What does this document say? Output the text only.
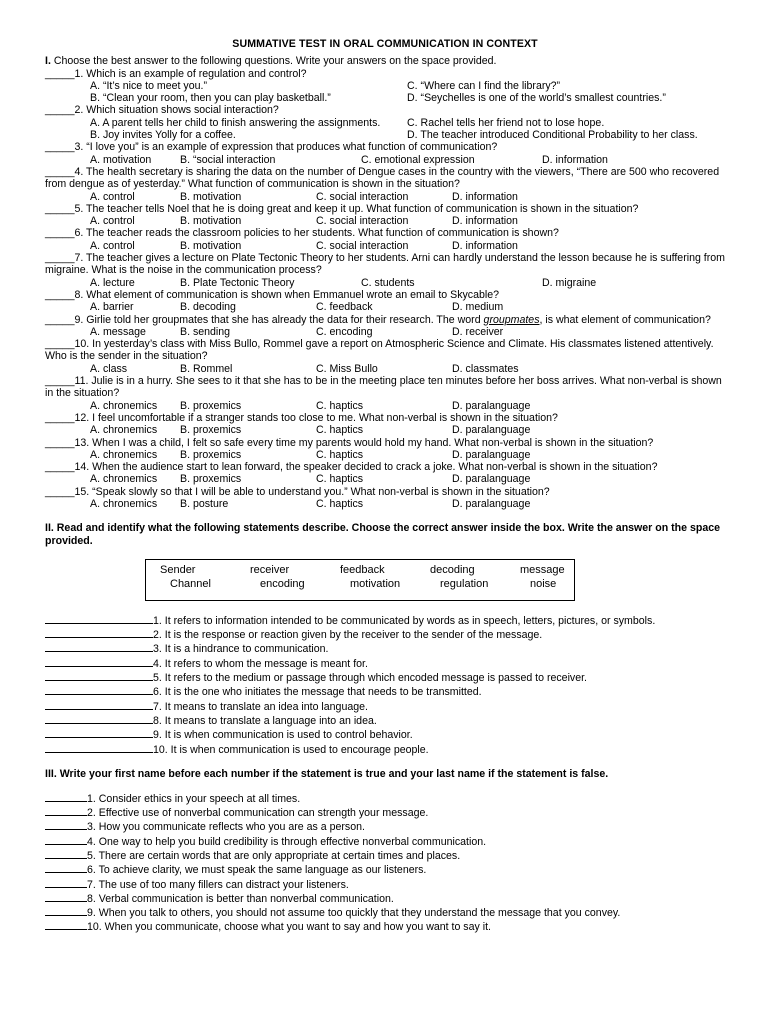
SUMMATIVE TEST IN ORAL COMMUNICATION IN CONTEXT

I. Choose the best answer to the following questions. Write your answers on the space provided.

_____1. Which is an example of regulation and control?

A. “It’s nice to meet you.”	C. “Where can I find the library?”
B. “Clean your room, then you can play basketball.”	D. “Seychelles is one of the world’s smallest countries.”

_____2. Which situation shows social interaction?

A. A parent tells her child to finish answering the assignments.	C. Rachel tells her friend not to lose hope.
B. Joy invites Yolly for a coffee.	D. The teacher introduced Conditional Probability to her class.

_____3. “I love you” is an example of expression that produces what function of communication?

A. motivation	B. “social interaction	C. emotional expression	D. information

_____4. The health secretary is sharing the data on the number of Dengue cases in the country with the viewers, “There are 500 who recovered from dengue as of yesterday.” What function of communication is shown in the situation?

A. control	B. motivation	C. social interaction	D. information

_____5. The teacher tells Noel that he is doing great and keep it up. What function of communication is shown in the situation?

A. control	B. motivation	C. social interaction	D. information

_____6. The teacher reads the classroom policies to her students. What function of communication is shown?

A. control	B. motivation	C. social interaction	D. information

_____7. The teacher gives a lecture on Plate Tectonic Theory to her students. Arni can hardly understand the lesson because he is suffering from migraine. What is the noise in the communication process?

A. lecture	B. Plate Tectonic Theory	C. students	D. migraine

_____8. What element of communication is shown when Emmanuel wrote an email to Skycable?

A. barrier	B. decoding	C. feedback	D. medium

_____9. Girlie told her groupmates that she has already the data for their research. The word groupmates, is what element of communication?

A. message	B. sending	C. encoding	D. receiver

_____10. In yesterday’s class with Miss Bullo, Rommel gave a report on Atmospheric Science and Climate. His classmates listened attentively. Who is the sender in the situation?

A. class	B. Rommel	C. Miss Bullo	D. classmates

_____11. Julie is in a hurry. She sees to it that she has to be in the meeting place ten minutes before her boss arrives. What non-verbal is shown in the situation?

A. chronemics	B. proxemics	C. haptics	D. paralanguage

_____12. I feel uncomfortable if a stranger stands too close to me. What non-verbal is shown in the situation?

A. chronemics	B. proxemics	C. haptics	D. paralanguage

_____13. When I was a child, I felt so safe every time my parents would hold my hand. What non-verbal is shown in the situation?

A. chronemics	B. proxemics	C. haptics	D. paralanguage

_____14. When the audience start to lean forward, the speaker decided to crack a joke. What non-verbal is shown in the situation?

A. chronemics	B. proxemics	C. haptics	D. paralanguage

_____15. “Speak slowly so that I will be able to understand you.” What non-verbal is shown in the situation?

A. chronemics	B. posture	C. haptics	D. paralanguage

II. Read and identify what the following statements describe. Choose the correct answer inside the box. Write the answer on the space provided.

Sender	receiver	feedback	decoding	message
Channel	encoding	motivation	regulation	noise

1. It refers to information intended to be communicated by words as in speech, letters, pictures, or symbols.

2. It is the response or reaction given by the receiver to the sender of the message.

3. It is a hindrance to communication.

4. It refers to whom the message is meant for.

5. It refers to the medium or passage through which encoded message is passed to receiver.

6. It is the one who initiates the message that needs to be transmitted.

7. It means to translate an idea into language.

8. It means to translate a language into an idea.

9. It is when communication is used to control behavior.

10. It is when communication is used to encourage people.

III. Write your first name before each number if the statement is true and your last name if the statement is false.

1. Consider ethics in your speech at all times.

2. Effective use of nonverbal communication can strength your message.

3. How you communicate reflects who you are as a person.

4. One way to help you build credibility is through effective nonverbal communication.

5. There are certain words that are only appropriate at certain times and places.

6. To achieve clarity, we must speak the same language as our listeners.

7. The use of too many fillers can distract your listeners.

8. Verbal communication is better than nonverbal communication.

9. When you talk to others, you should not assume too quickly that they understand the message that you convey.

10. When you communicate, choose what you want to say and how you want to say it.
